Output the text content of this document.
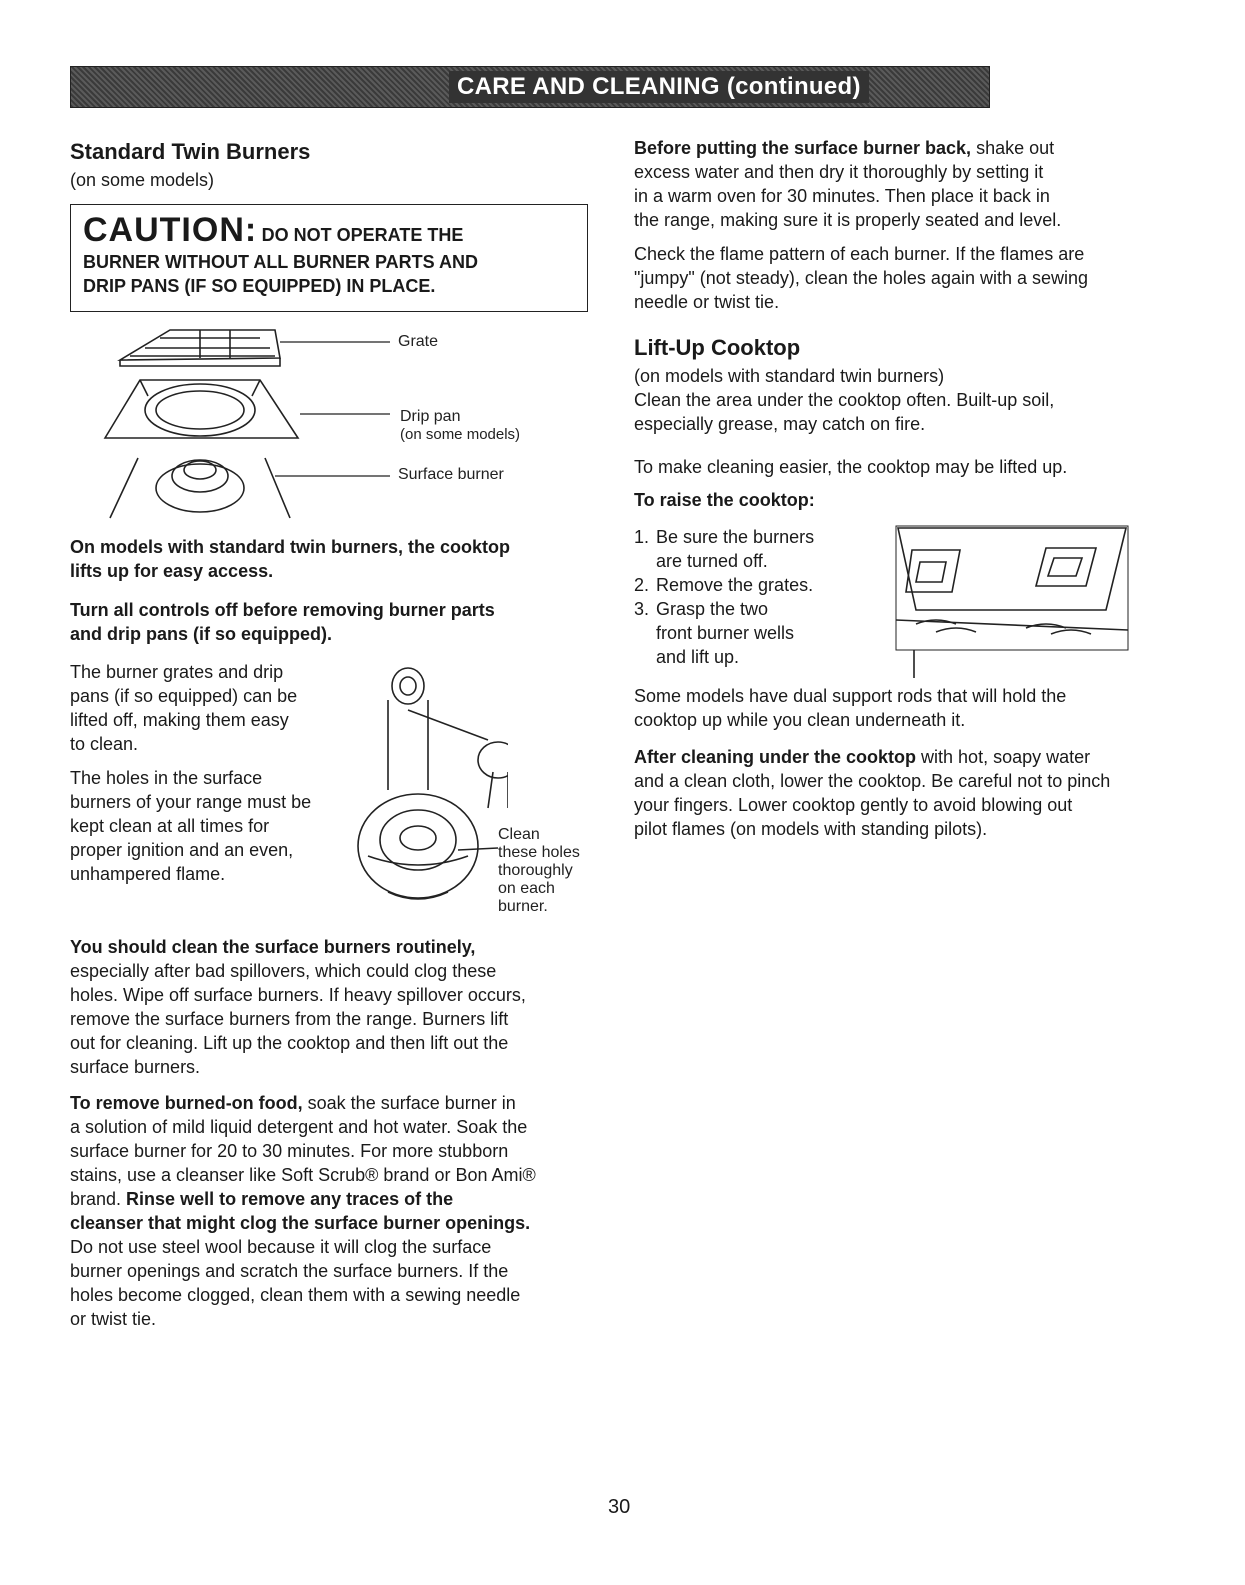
CARE AND CLEANING (continued)
Standard Twin Burners

(on some models)

CAUTION: DO NOT OPERATE THE
BURNER WITHOUT ALL BURNER PARTS AND
DRIP PANS (IF SO EQUIPPED) IN PLACE.
Grate
Drip pan
(on some models)
Surface burner

On models with standard twin burners, the cooktop

lifts up for easy access.

Turn all controls off before removing burner parts

and drip pans (if so equipped).

The burner grates and drip

pans (if so equipped) can be

lifted off, making them easy

to clean.

The holes in the surface

burners of your range must be

kept clean at all times for

proper ignition and an even,

unhampered flame.

Clean
these holes
thoroughly
on each
burner.

You should clean the surface burners routinely,

especially after bad spillovers, which could clog these

holes. Wipe off surface burners. If heavy spillover occurs,

remove the surface burners from the range. Burners lift

out for cleaning. Lift up the cooktop and then lift out the

surface burners.

To remove burned-on food, soak the surface burner in

a solution of mild liquid detergent and hot water. Soak the

surface burner for 20 to 30 minutes. For more stubborn

stains, use a cleanser like Soft Scrub® brand or Bon Ami®

brand. Rinse well to remove any traces of the

cleanser that might clog the surface burner openings.

Do not use steel wool because it will clog the surface

burner openings and scratch the surface burners. If the

holes become clogged, clean them with a sewing needle

or twist tie.

Before putting the surface burner back, shake out

excess water and then dry it thoroughly by setting it

in a warm oven for 30 minutes. Then place it back in

the range, making sure it is properly seated and level.

Check the flame pattern of each burner. If the flames are

"jumpy" (not steady), clean the holes again with a sewing

needle or twist tie.

Lift-Up Cooktop

(on models with standard twin burners)

Clean the area under the cooktop often. Built-up soil,

especially grease, may catch on fire.

To make cleaning easier, the cooktop may be lifted up.

To raise the cooktop:

1. Be sure the burners
are turned off.
2. Remove the grates.
3. Grasp the two
front burner wells
and lift up.

Some models have dual support rods that will hold the

cooktop up while you clean underneath it.

After cleaning under the cooktop with hot, soapy water

and a clean cloth, lower the cooktop. Be careful not to pinch

your fingers. Lower cooktop gently to avoid blowing out

pilot flames (on models with standing pilots).

30
